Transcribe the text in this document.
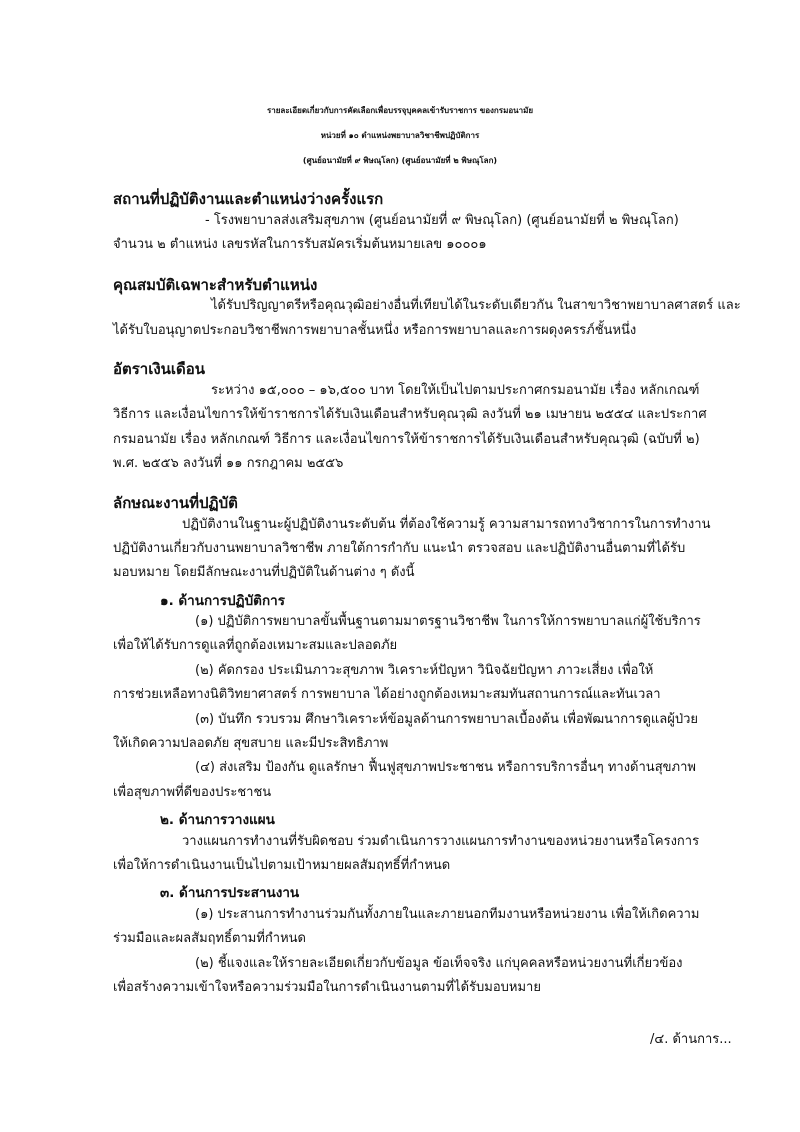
รายละเอียดเกี่ยวกับการคัดเลือกเพื่อบรรจุบุคคลเข้ารับราชการ ของกรมอนามัย
หน่วยที่ ๑๐ ตำแหน่งพยาบาลวิชาชีพปฏิบัติการ
(ศูนย์อนามัยที่ ๙ พิษณุโลก) (ศูนย์อนามัยที่ ๒ พิษณุโลก)
สถานที่ปฏิบัติงานและตำแหน่งว่างครั้งแรก
- โรงพยาบาลส่งเสริมสุขภาพ (ศูนย์อนามัยที่ ๙ พิษณุโลก) (ศูนย์อนามัยที่ ๒ พิษณุโลก)
จำนวน ๒ ตำแหน่ง เลขรหัสในการรับสมัครเริ่มต้นหมายเลข ๑๐๐๐๑
คุณสมบัติเฉพาะสำหรับตำแหน่ง
ได้รับปริญญาตรีหรือคุณวุฒิอย่างอื่นที่เทียบได้ในระดับเดียวกัน ในสาขาวิชาพยาบาลศาสตร์ และ
ได้รับใบอนุญาตประกอบวิชาชีพการพยาบาลชั้นหนึ่ง หรือการพยาบาลและการผดุงครรภ์ชั้นหนึ่ง
อัตราเงินเดือน
ระหว่าง ๑๕,๐๐๐ – ๑๖,๕๐๐ บาท โดยให้เป็นไปตามประกาศกรมอนามัย เรื่อง หลักเกณฑ์
วิธีการ และเงื่อนไขการให้ข้าราชการได้รับเงินเดือนสำหรับคุณวุฒิ ลงวันที่ ๒๑ เมษายน ๒๕๕๔ และประกาศ
กรมอนามัย เรื่อง หลักเกณฑ์ วิธีการ และเงื่อนไขการให้ข้าราชการได้รับเงินเดือนสำหรับคุณวุฒิ (ฉบับที่ ๒)
พ.ศ. ๒๕๕๖ ลงวันที่ ๑๑ กรกฎาคม ๒๕๕๖
ลักษณะงานที่ปฏิบัติ
ปฏิบัติงานในฐานะผู้ปฏิบัติงานระดับต้น ที่ต้องใช้ความรู้ ความสามารถทางวิชาการในการทำงาน
ปฏิบัติงานเกี่ยวกับงานพยาบาลวิชาชีพ ภายใต้การกำกับ แนะนำ ตรวจสอบ และปฏิบัติงานอื่นตามที่ได้รับ
มอบหมาย โดยมีลักษณะงานที่ปฏิบัติในด้านต่าง ๆ ดังนี้
๑. ด้านการปฏิบัติการ
(๑) ปฏิบัติการพยาบาลขั้นพื้นฐานตามมาตรฐานวิชาชีพ ในการให้การพยาบาลแก่ผู้ใช้บริการ
เพื่อให้ได้รับการดูแลที่ถูกต้องเหมาะสมและปลอดภัย
(๒) คัดกรอง ประเมินภาวะสุขภาพ วิเคราะห์ปัญหา วินิจฉัยปัญหา ภาวะเสี่ยง เพื่อให้
การช่วยเหลือทางนิติวิทยาศาสตร์ การพยาบาล ได้อย่างถูกต้องเหมาะสมทันสถานการณ์และทันเวลา
(๓) บันทึก รวบรวม ศึกษาวิเคราะห์ข้อมูลด้านการพยาบาลเบื้องต้น เพื่อพัฒนาการดูแลผู้ป่วย
ให้เกิดความปลอดภัย สุขสบาย และมีประสิทธิภาพ
(๔) ส่งเสริม ป้องกัน ดูแลรักษา ฟื้นฟูสุขภาพประชาชน หรือการบริการอื่นๆ ทางด้านสุขภาพ
เพื่อสุขภาพที่ดีของประชาชน
๒. ด้านการวางแผน
วางแผนการทำงานที่รับผิดชอบ ร่วมดำเนินการวางแผนการทำงานของหน่วยงานหรือโครงการ
เพื่อให้การดำเนินงานเป็นไปตามเป้าหมายผลสัมฤทธิ์ที่กำหนด
๓. ด้านการประสานงาน
(๑) ประสานการทำงานร่วมกันทั้งภายในและภายนอกทีมงานหรือหน่วยงาน เพื่อให้เกิดความ
ร่วมมือและผลสัมฤทธิ์ตามที่กำหนด
(๒) ชี้แจงและให้รายละเอียดเกี่ยวกับข้อมูล ข้อเท็จจริง แก่บุคคลหรือหน่วยงานที่เกี่ยวข้อง
เพื่อสร้างความเข้าใจหรือความร่วมมือในการดำเนินงานตามที่ได้รับมอบหมาย
/๔. ด้านการ...
